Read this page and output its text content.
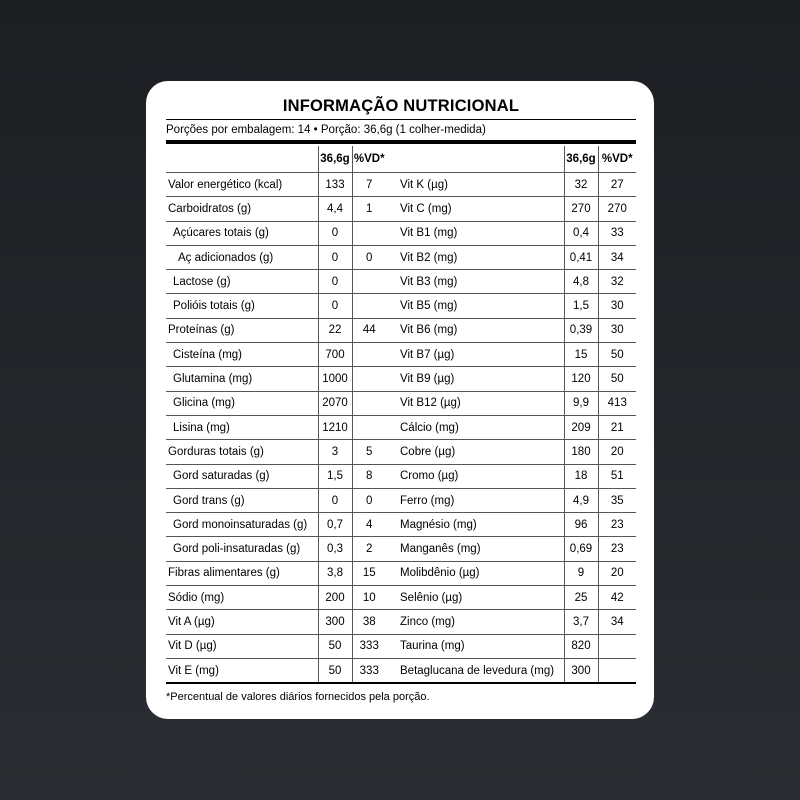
INFORMAÇÃO NUTRICIONAL
Porções por embalagem: 14 • Porção: 36,6g (1 colher-medida)
	36,6g	%VD*			36,6g	%VD*
Valor energético (kcal)	133	7		Vit K (µg)	32	27
Carboidratos (g)	4,4	1		Vit C (mg)	270	270
Açúcares totais (g)	0			Vit B1 (mg)	0,4	33
Aç adicionados (g)	0	0		Vit B2 (mg)	0,41	34
Lactose (g)	0			Vit B3 (mg)	4,8	32
Polióis totais (g)	0			Vit B5 (mg)	1,5	30
Proteínas (g)	22	44		Vit B6 (mg)	0,39	30
Cisteína (mg)	700			Vit B7 (µg)	15	50
Glutamina (mg)	1000			Vit B9 (µg)	120	50
Glicina (mg)	2070			Vit B12 (µg)	9,9	413
Lisina (mg)	1210			Cálcio (mg)	209	21
Gorduras totais (g)	3	5		Cobre (µg)	180	20
Gord saturadas (g)	1,5	8		Cromo (µg)	18	51
Gord trans (g)	0	0		Ferro (mg)	4,9	35
Gord monoinsaturadas (g)	0,7	4		Magnésio (mg)	96	23
Gord poli-insaturadas (g)	0,3	2		Manganês (mg)	0,69	23
Fibras alimentares (g)	3,8	15		Molibdênio (µg)	9	20
Sódio (mg)	200	10		Selênio (µg)	25	42
Vit A (µg)	300	38		Zinco (mg)	3,7	34
Vit D (µg)	50	333		Taurina (mg)	820	
Vit E (mg)	50	333		Betaglucana de levedura (mg)	300	
*Percentual de valores diários fornecidos pela porção.
